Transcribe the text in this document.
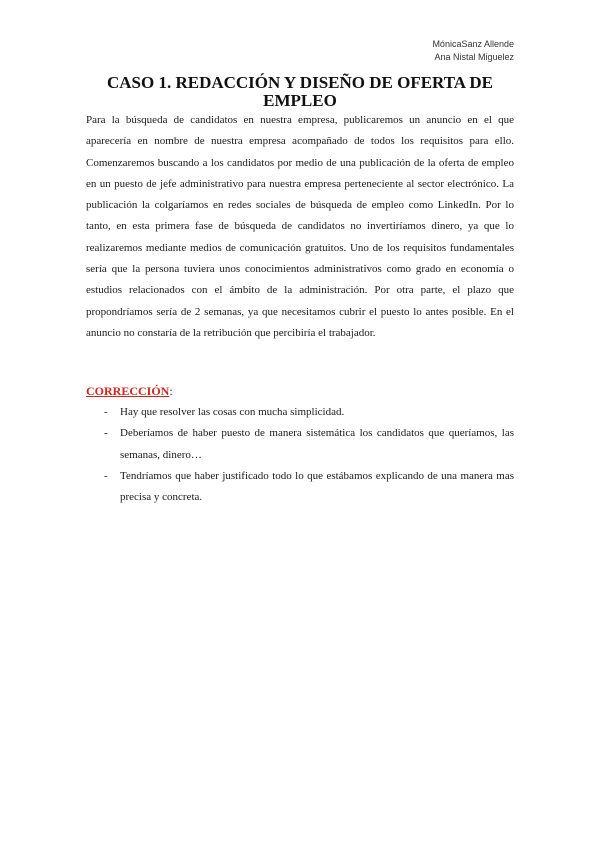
MónicaSanz Allende
Ana Nistal Miguelez
CASO 1. REDACCIÓN Y DISEÑO DE OFERTA DE EMPLEO

Para la búsqueda de candidatos en nuestra empresa, publicaremos un anuncio en el que aparecería en nombre de nuestra empresa acompañado de todos los requisitos para ello. Comenzaremos buscando a los candidatos por medio de una publicación de la oferta de empleo en un puesto de jefe administrativo para nuestra empresa perteneciente al sector electrónico. La publicación la colgaríamos en redes sociales de búsqueda de empleo como LinkedIn. Por lo tanto, en esta primera fase de búsqueda de candidatos no invertiríamos dinero, ya que lo realizaremos mediante medios de comunicación gratuitos. Uno de los requisitos fundamentales sería que la persona tuviera unos conocimientos administrativos como grado en economía o estudios relacionados con el ámbito de la administración. Por otra parte, el plazo que propondríamos sería de 2 semanas, ya que necesitamos cubrir el puesto lo antes posible. En el anuncio no constaría de la retribución que percibiría el trabajador.

CORRECCIÓN:

- Hay que resolver las cosas con mucha simplicidad.
- Deberíamos de haber puesto de manera sistemática los candidatos que queríamos, las semanas, dinero…
- Tendríamos que haber justificado todo lo que estábamos explicando de una manera mas precisa y concreta.
